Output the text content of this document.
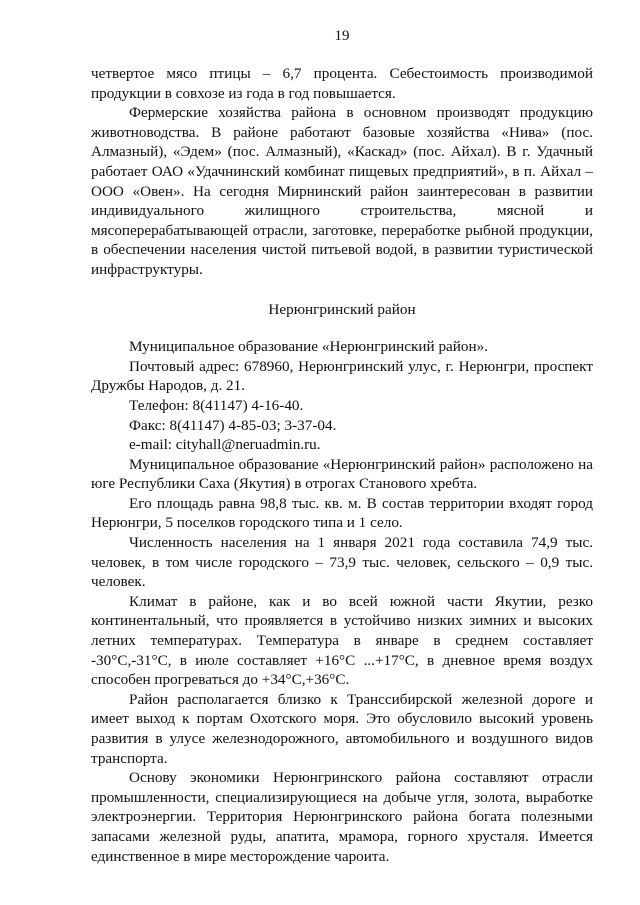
19

четвертое мясо птицы – 6,7 процента. Себестоимость производимой продукции в совхозе из года в год повышается.

Фермерские хозяйства района в основном производят продукцию животноводства. В районе работают базовые хозяйства «Нива» (пос. Алмазный), «Эдем» (пос. Алмазный), «Каскад» (пос. Айхал). В г. Удачный работает ОАО «Удачнинский комбинат пищевых предприятий», в п. Айхал – ООО «Овен». На сегодня Мирнинский район заинтересован в развитии индивидуального жилищного строительства, мясной и мясоперерабатывающей отрасли, заготовке, переработке рыбной продукции, в обеспечении населения чистой питьевой водой, в развитии туристической инфраструктуры.

Нерюнгринский район

Муниципальное образование «Нерюнгринский район».

Почтовый адрес: 678960, Нерюнгринский улус, г. Нерюнгри, проспект Дружбы Народов, д. 21.

Телефон: 8(41147) 4-16-40.

Факс: 8(41147) 4-85-03; 3-37-04.

e-mail: cityhall@neruadmin.ru.

Муниципальное образование «Нерюнгринский район» расположено на юге Республики Саха (Якутия) в отрогах Станового хребта.

Его площадь равна 98,8 тыс. кв. м. В состав территории входят город Нерюнгри, 5 поселков городского типа и 1 село.

Численность населения на 1 января 2021 года составила 74,9 тыс. человек, в том числе городского – 73,9 тыс. человек, сельского – 0,9 тыс. человек.

Климат в районе, как и во всей южной части Якутии, резко континентальный, что проявляется в устойчиво низких зимних и высоких летних температурах. Температура в январе в среднем составляет -30°С,-31°С, в июле составляет +16°С ...+17°С, в дневное время воздух способен прогреваться до +34°С,+36°С.

Район располагается близко к Транссибирской железной дороге и имеет выход к портам Охотского моря. Это обусловило высокий уровень развития в улусе железнодорожного, автомобильного и воздушного видов транспорта.

Основу экономики Нерюнгринского района составляют отрасли промышленности, специализирующиеся на добыче угля, золота, выработке электроэнергии. Территория Нерюнгринского района богата полезными запасами железной руды, апатита, мрамора, горного хрусталя. Имеется единственное в мире месторождение чароита.
